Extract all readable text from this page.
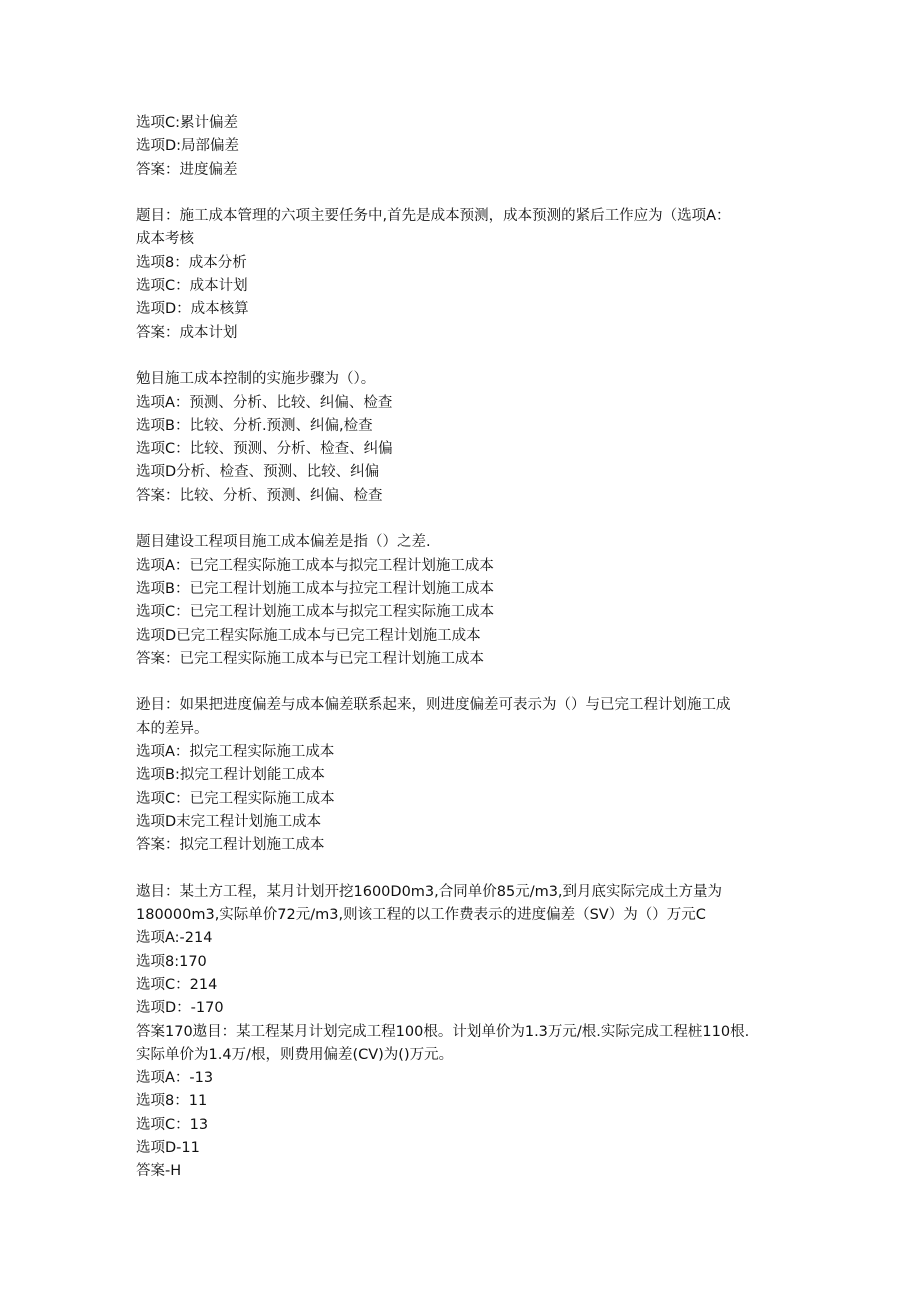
选项C:累计偏差
选项D:局部偏差
答案：进度偏差
题目：施工成本管理的六项主要任务中,首先是成本预测，成本预测的紧后工作应为（选项A：
成本考核
选项8：成本分析
选项C：成本计划
选项D：成本核算
答案：成本计划
勉目施工成本控制的实施步骤为（）。
选项A：预测、分析、比较、纠偏、检查
选项B：比较、分析.预测、纠偏,检查
选项C：比较、预测、分析、检查、纠偏
选项D分析、检查、预测、比较、纠偏
答案：比较、分析、预测、纠偏、检查
题目建设工程项目施工成本偏差是指（）之差.
选项A：已完工程实际施工成本与拟完工程计划施工成本
选项B：已完工程计划施工成本与拉完工程计划施工成本
选项C：已完工程计划施工成本与拟完工程实际施工成本
选项D已完工程实际施工成本与已完工程计划施工成本
答案：已完工程实际施工成本与已完工程计划施工成本
逊目：如果把进度偏差与成本偏差联系起来，则进度偏差可表示为（）与已完工程计划施工成
本的差异。
选项A：拟完工程实际施工成本
选项B:拟完工程计划能工成本
选项C：已完工程实际施工成本
选项D末完工程计划施工成本
答案：拟完工程计划施工成本
遨目：某土方工程，某月计划开挖1600D0m3,合同单价85元/m3,到月底实际完成土方量为
180000m3,实际单价72元/m3,则该工程的以工作费表示的进度偏差（SV）为（）万元C
选项A:-214
选项8:170
选项C：214
选项D：-170
答案170遨目：某工程某月计划完成工程100根。计划单价为1.3万元/根.实际完成工程桩110根.
实际单价为1.4万/根，则费用偏差(CV)为()万元。
选项A：-13
选项8：11
选项C：13
选项D-11
答案-H
